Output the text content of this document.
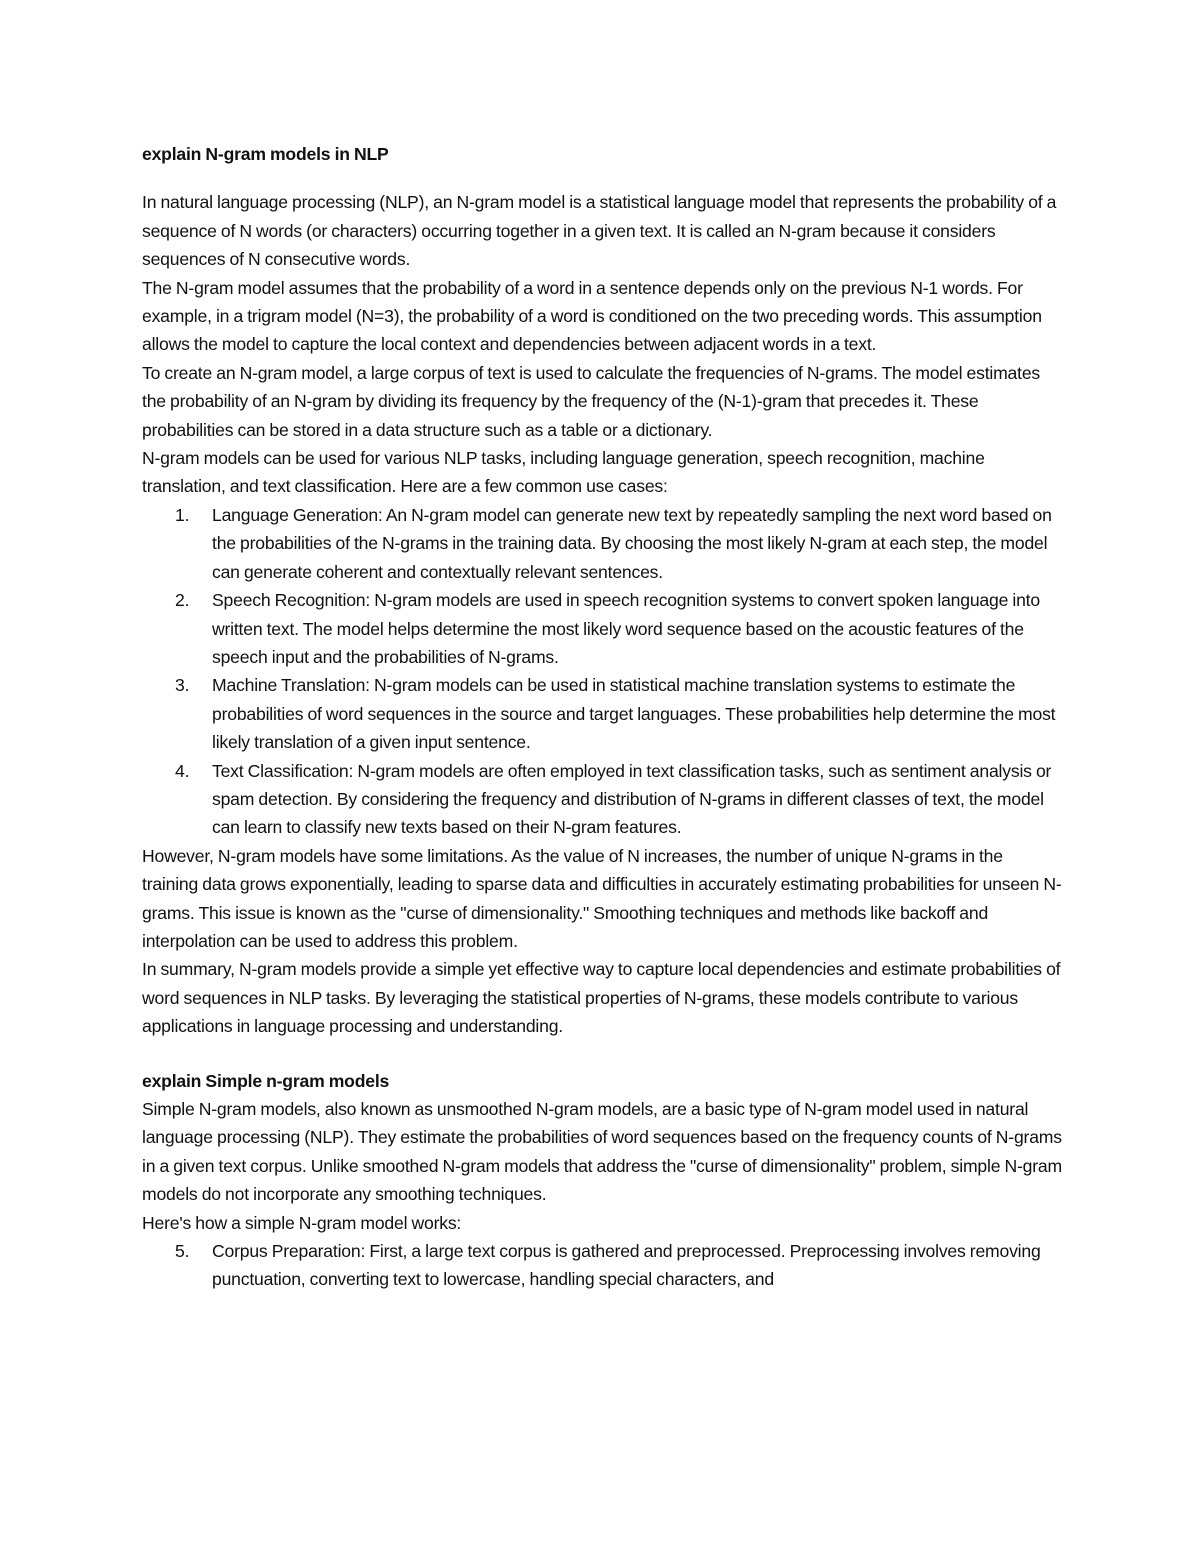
explain N-gram models in NLP

In natural language processing (NLP), an N-gram model is a statistical language model that represents the probability of a sequence of N words (or characters) occurring together in a given text. It is called an N-gram because it considers sequences of N consecutive words.

The N-gram model assumes that the probability of a word in a sentence depends only on the previous N-1 words. For example, in a trigram model (N=3), the probability of a word is conditioned on the two preceding words. This assumption allows the model to capture the local context and dependencies between adjacent words in a text.

To create an N-gram model, a large corpus of text is used to calculate the frequencies of N-grams. The model estimates the probability of an N-gram by dividing its frequency by the frequency of the (N-1)-gram that precedes it. These probabilities can be stored in a data structure such as a table or a dictionary.

N-gram models can be used for various NLP tasks, including language generation, speech recognition, machine translation, and text classification. Here are a few common use cases:

1. Language Generation: An N-gram model can generate new text by repeatedly sampling the next word based on the probabilities of the N-grams in the training data. By choosing the most likely N-gram at each step, the model can generate coherent and contextually relevant sentences.
2. Speech Recognition: N-gram models are used in speech recognition systems to convert spoken language into written text. The model helps determine the most likely word sequence based on the acoustic features of the speech input and the probabilities of N-grams.
3. Machine Translation: N-gram models can be used in statistical machine translation systems to estimate the probabilities of word sequences in the source and target languages. These probabilities help determine the most likely translation of a given input sentence.
4. Text Classification: N-gram models are often employed in text classification tasks, such as sentiment analysis or spam detection. By considering the frequency and distribution of N-grams in different classes of text, the model can learn to classify new texts based on their N-gram features.

However, N-gram models have some limitations. As the value of N increases, the number of unique N-grams in the training data grows exponentially, leading to sparse data and difficulties in accurately estimating probabilities for unseen N-grams. This issue is known as the "curse of dimensionality." Smoothing techniques and methods like backoff and interpolation can be used to address this problem.

In summary, N-gram models provide a simple yet effective way to capture local dependencies and estimate probabilities of word sequences in NLP tasks. By leveraging the statistical properties of N-grams, these models contribute to various applications in language processing and understanding.

explain Simple n-gram models

Simple N-gram models, also known as unsmoothed N-gram models, are a basic type of N-gram model used in natural language processing (NLP). They estimate the probabilities of word sequences based on the frequency counts of N-grams in a given text corpus. Unlike smoothed N-gram models that address the "curse of dimensionality" problem, simple N-gram models do not incorporate any smoothing techniques.

Here's how a simple N-gram model works:

5. Corpus Preparation: First, a large text corpus is gathered and preprocessed. Preprocessing involves removing punctuation, converting text to lowercase, handling special characters, and
